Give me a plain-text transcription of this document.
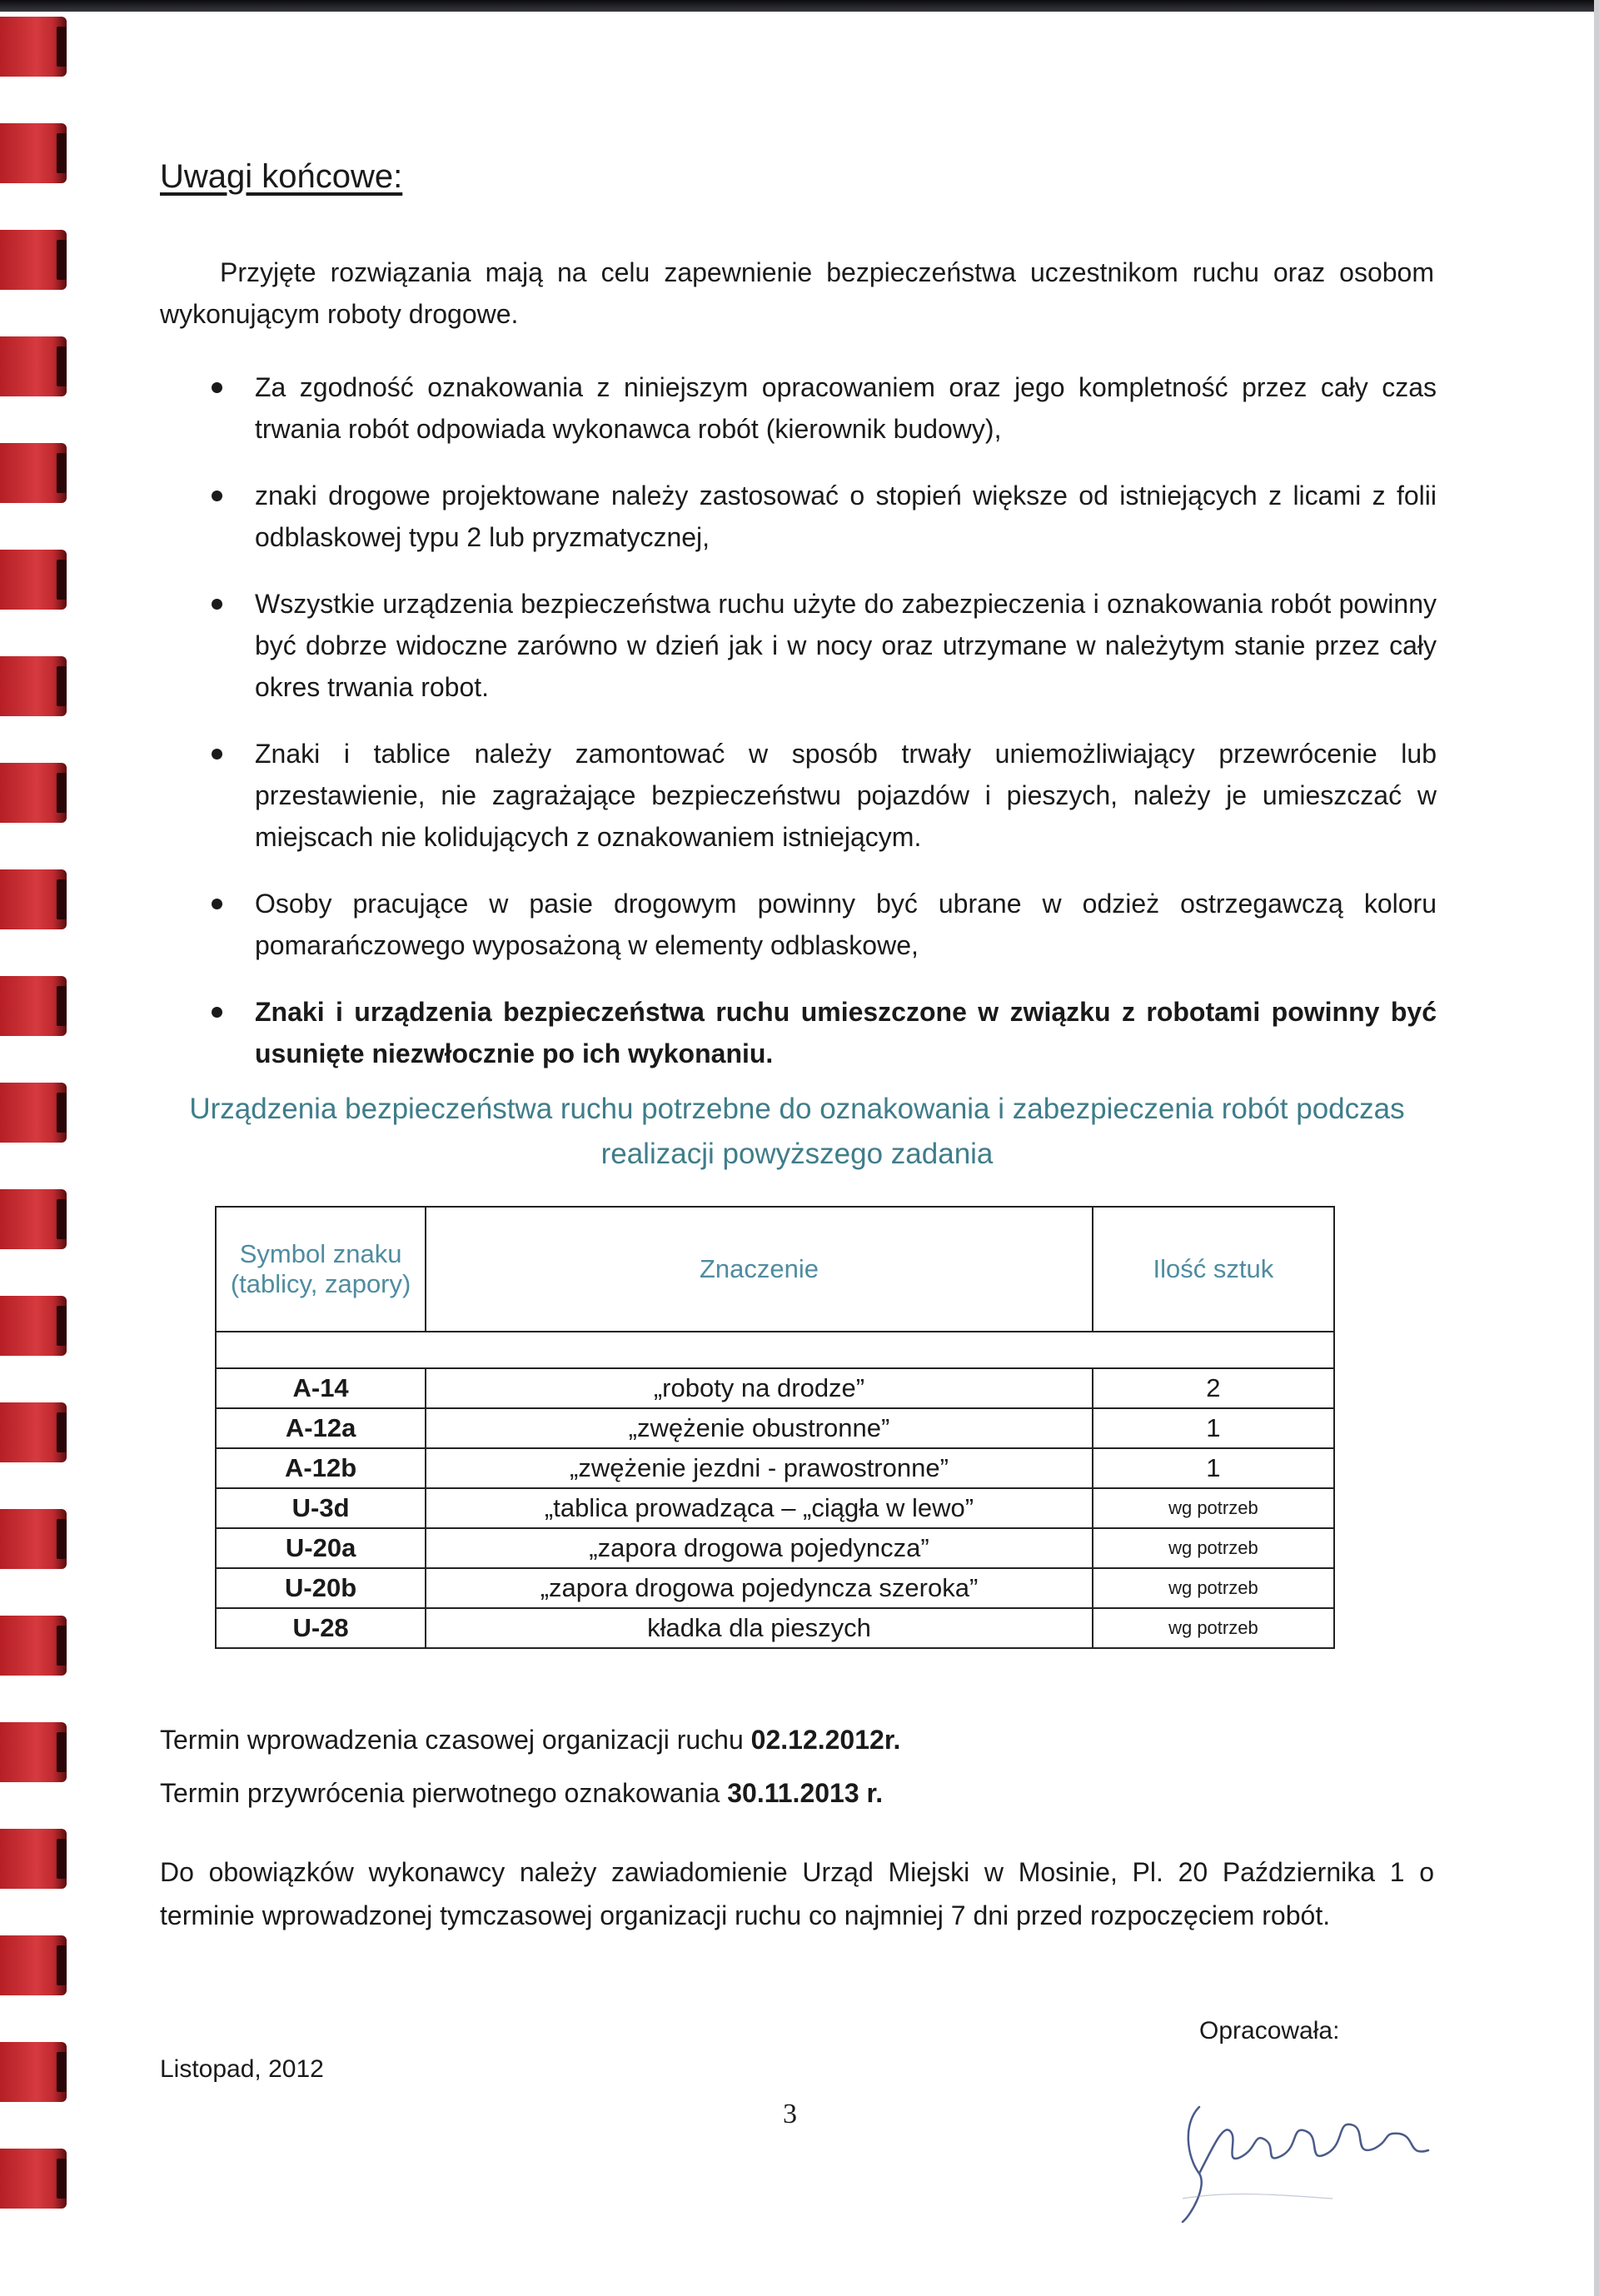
Uwagi końcowe:

Przyjęte rozwiązania mają na celu zapewnienie bezpieczeństwa uczestnikom ruchu oraz osobom wykonującym roboty drogowe.

Za zgodność oznakowania z niniejszym opracowaniem oraz jego kompletność przez cały czas trwania robót odpowiada wykonawca robót (kierownik budowy),
znaki drogowe projektowane należy zastosować o stopień większe od istniejących z licami z folii odblaskowej typu 2 lub pryzmatycznej,
Wszystkie urządzenia bezpieczeństwa ruchu użyte do zabezpieczenia i oznakowania robót powinny być dobrze widoczne zarówno w dzień jak i w nocy oraz utrzymane w należytym stanie przez cały okres trwania robot.
Znaki i tablice należy zamontować w sposób trwały uniemożliwiający przewrócenie lub przestawienie, nie zagrażające bezpieczeństwu pojazdów i pieszych, należy je umieszczać w miejscach nie kolidujących z oznakowaniem istniejącym.
Osoby pracujące w pasie drogowym powinny być ubrane w odzież ostrzegawczą koloru pomarańczowego wyposażoną w elementy odblaskowe,
Znaki i urządzenia bezpieczeństwa ruchu umieszczone w związku z robotami powinny być usunięte niezwłocznie po ich wykonaniu.

Urządzenia bezpieczeństwa ruchu potrzebne do oznakowania i zabezpieczenia robót podczas realizacji powyższego zadania

Symbol znaku (tablicy, zapory)	Znaczenie	Ilość sztuk

A-14	„roboty na drodze”	2
A-12a	„zwężenie obustronne”	1
A-12b	„zwężenie jezdni - prawostronne”	1
U-3d	„tablica prowadząca – „ciągła w lewo”	wg potrzeb
U-20a	„zapora drogowa pojedyncza”	wg potrzeb
U-20b	„zapora drogowa pojedyncza szeroka”	wg potrzeb
U-28	kładka dla pieszych	wg potrzeb

Termin wprowadzenia czasowej organizacji ruchu 02.12.2012r.

Termin przywrócenia pierwotnego oznakowania 30.11.2013 r.

Do obowiązków wykonawcy należy zawiadomienie Urząd Miejski w Mosinie, Pl. 20 Października 1 o terminie wprowadzonej tymczasowej organizacji ruchu co najmniej 7 dni przed rozpoczęciem robót.

Opracowała:

Listopad, 2012

3
